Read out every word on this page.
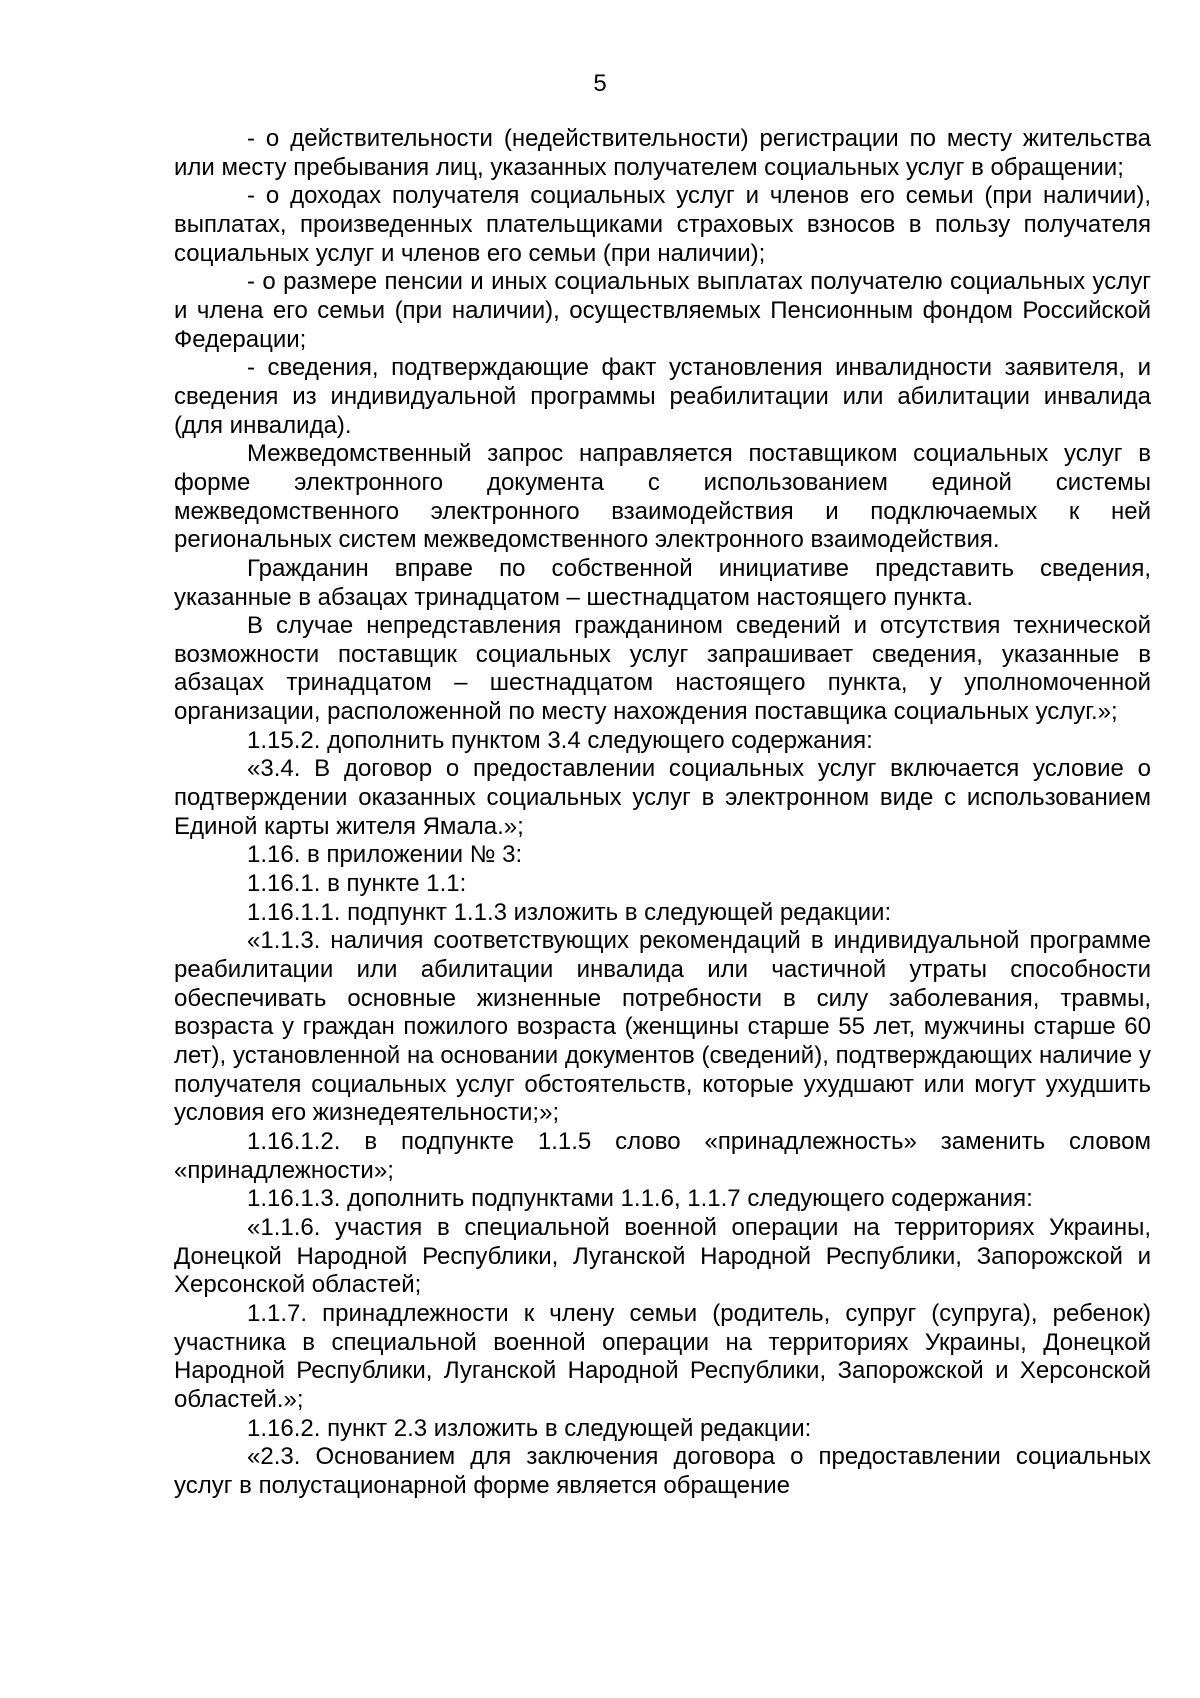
5

- о действительности (недействительности) регистрации по месту жительства или месту пребывания лиц, указанных получателем социальных услуг в обращении;

- о доходах получателя социальных услуг и членов его семьи (при наличии), выплатах, произведенных плательщиками страховых взносов в пользу получателя социальных услуг и членов его семьи (при наличии);

- о размере пенсии и иных социальных выплатах получателю социальных услуг и члена его семьи (при наличии), осуществляемых Пенсионным фондом Российской Федерации;

- сведения, подтверждающие факт установления инвалидности заявителя, и сведения из индивидуальной программы реабилитации или абилитации инвалида (для инвалида).

Межведомственный запрос направляется поставщиком социальных услуг в форме электронного документа с использованием единой системы межведомственного электронного взаимодействия и подключаемых к ней региональных систем межведомственного электронного взаимодействия.

Гражданин вправе по собственной инициативе представить сведения, указанные в абзацах тринадцатом – шестнадцатом настоящего пункта.

В случае непредставления гражданином сведений и отсутствия технической возможности поставщик социальных услуг запрашивает сведения, указанные в абзацах тринадцатом – шестнадцатом настоящего пункта, у уполномоченной организации, расположенной по месту нахождения поставщика социальных услуг.»;

1.15.2. дополнить пунктом 3.4 следующего содержания:

«3.4. В договор о предоставлении социальных услуг включается условие о подтверждении оказанных социальных услуг в электронном виде с использованием Единой карты жителя Ямала.»;

1.16. в приложении № 3:

1.16.1. в пункте 1.1:

1.16.1.1. подпункт 1.1.3 изложить в следующей редакции:

«1.1.3. наличия соответствующих рекомендаций в индивидуальной программе реабилитации или абилитации инвалида или частичной утраты способности обеспечивать основные жизненные потребности в силу заболевания, травмы, возраста у граждан пожилого возраста (женщины старше 55 лет, мужчины старше 60 лет), установленной на основании документов (сведений), подтверждающих наличие у получателя социальных услуг обстоятельств, которые ухудшают или могут ухудшить условия его жизнедеятельности;»;

1.16.1.2. в подпункте 1.1.5 слово «принадлежность» заменить словом «принадлежности»;

1.16.1.3. дополнить подпунктами 1.1.6, 1.1.7 следующего содержания:

«1.1.6. участия в специальной военной операции на территориях Украины, Донецкой Народной Республики, Луганской Народной Республики, Запорожской и Херсонской областей;

1.1.7. принадлежности к члену семьи (родитель, супруг (супруга), ребенок) участника в специальной военной операции на территориях Украины, Донецкой Народной Республики, Луганской Народной Республики, Запорожской и Херсонской областей.»;

1.16.2. пункт 2.3 изложить в следующей редакции:

«2.3. Основанием для заключения договора о предоставлении социальных услуг в полустационарной форме является обращение
